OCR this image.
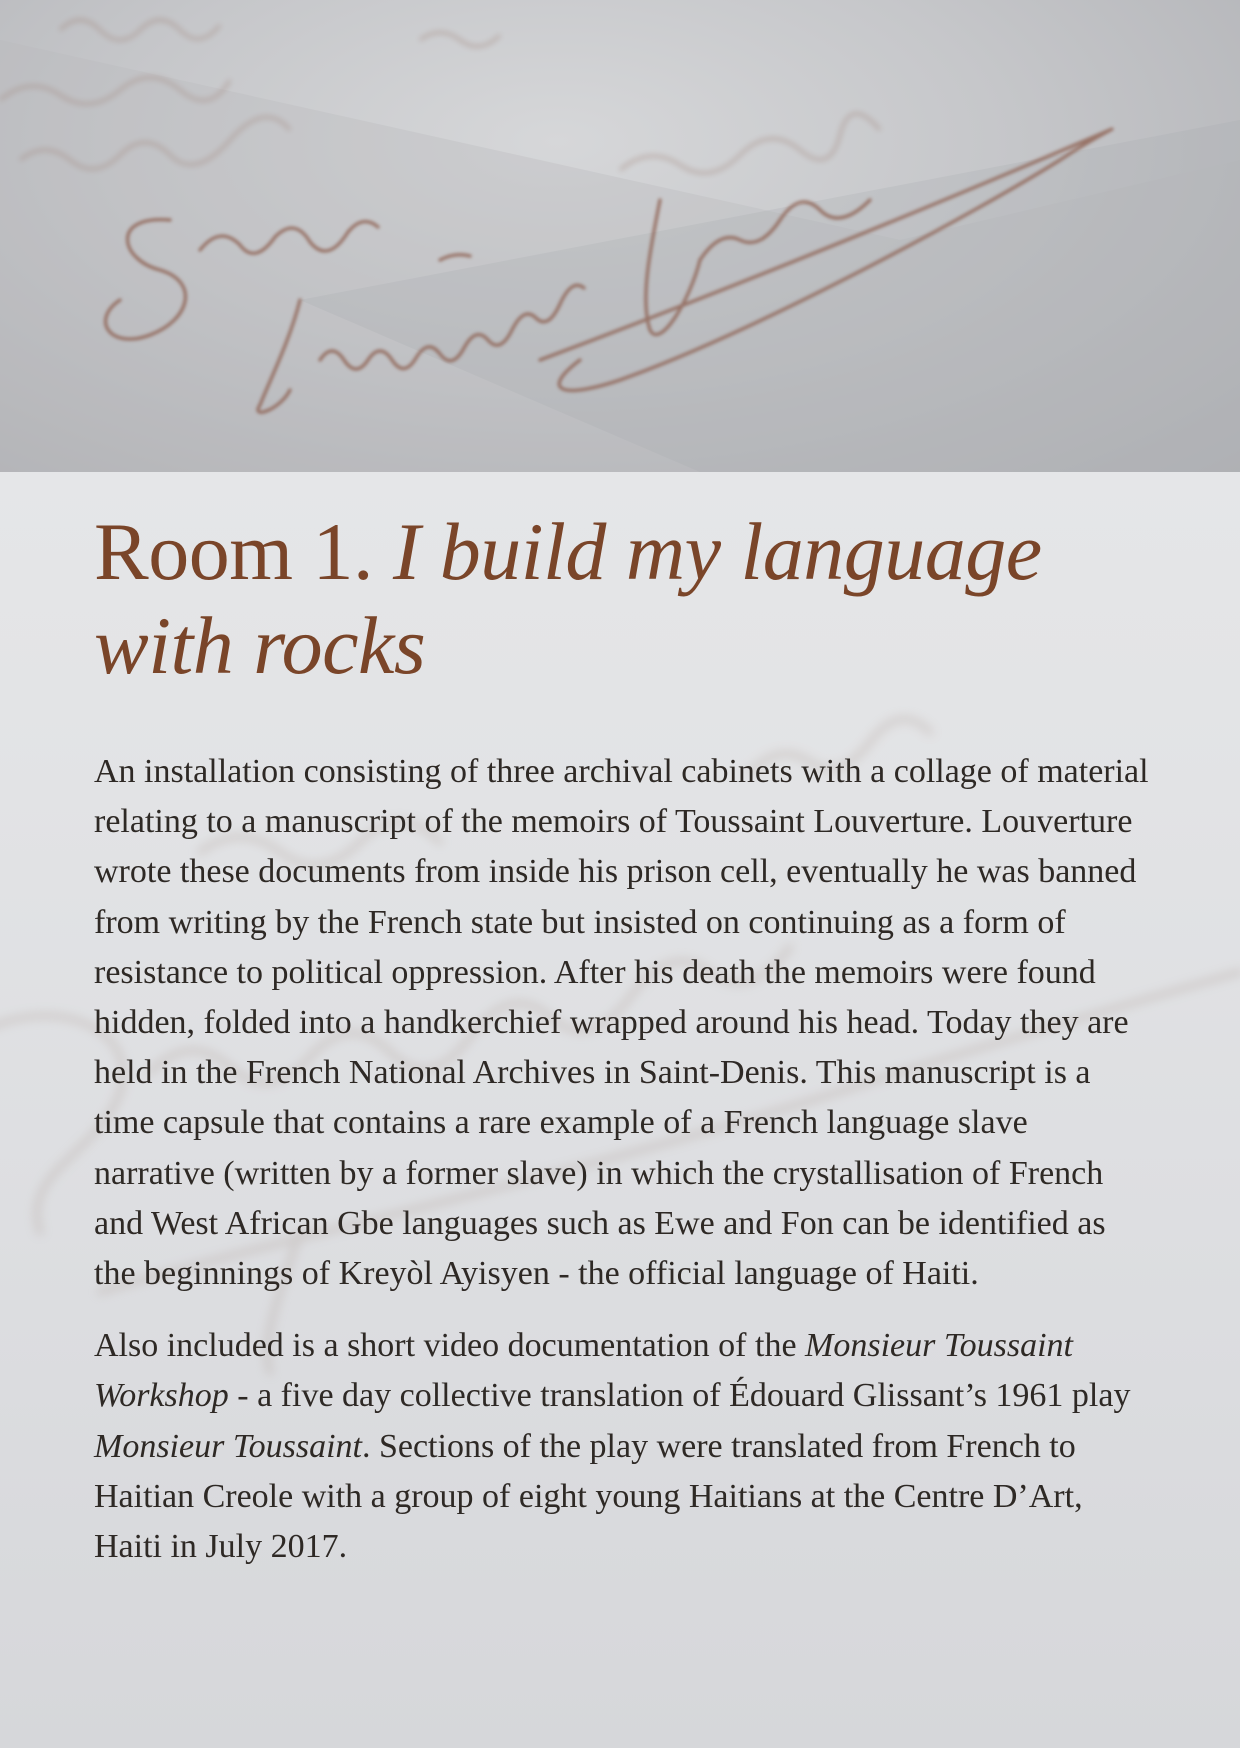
Room 1. I build my language with rocks

An installation consisting of three archival cabinets with a collage of material relating to a manuscript of the memoirs of Toussaint Louverture. Louverture wrote these documents from inside his prison cell, eventually he was banned from writing by the French state but insisted on continuing as a form of resistance to political oppression. After his death the memoirs were found hidden, folded into a handkerchief wrapped around his head. Today they are held in the French National Archives in Saint-Denis. This manuscript is a time capsule that contains a rare example of a French language slave narrative (written by a former slave) in which the crystallisation of French and West African Gbe languages such as Ewe and Fon can be identified as the beginnings of Kreyòl Ayisyen - the official language of Haiti.

Also included is a short video documentation of the Monsieur Toussaint Workshop - a five day collective translation of Édouard Glissant’s 1961 play Monsieur Toussaint. Sections of the play were translated from French to Haitian Creole with a group of eight young Haitians at the Centre D’Art, Haiti in July 2017.
